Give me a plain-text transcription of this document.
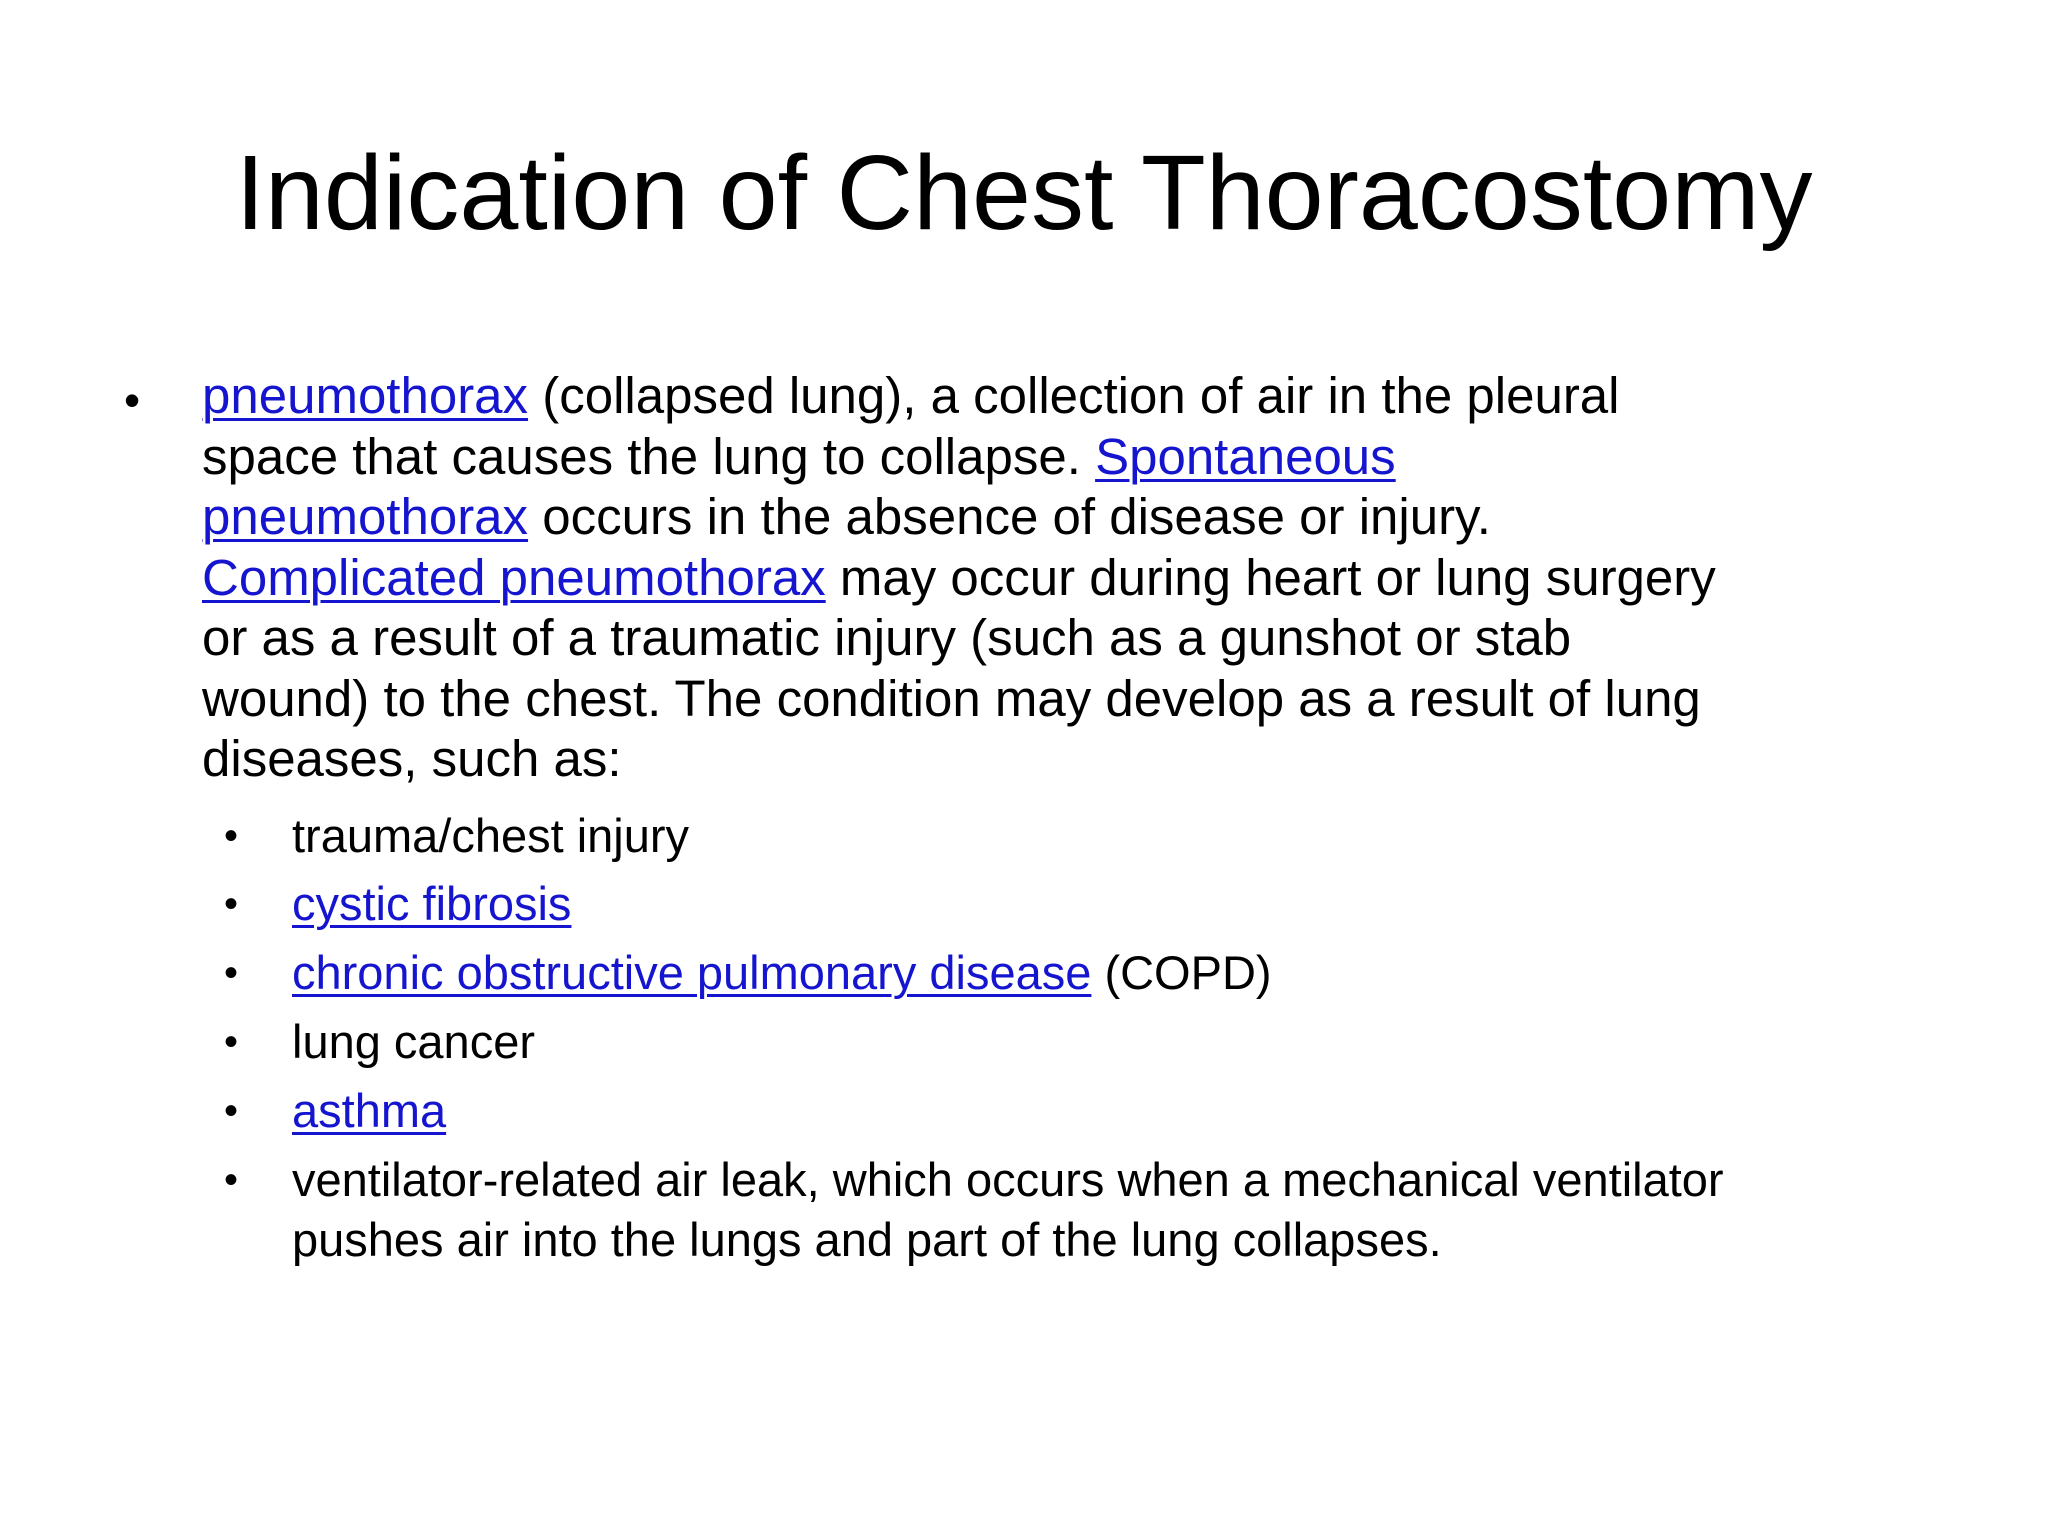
Indication of Chest Thoracostomy
• pneumothorax (collapsed lung), a collection of air in the pleural
space that causes the lung to collapse. Spontaneous
pneumothorax occurs in the absence of disease or injury.
Complicated pneumothorax may occur during heart or lung surgery
or as a result of a traumatic injury (such as a gunshot or stab
wound) to the chest. The condition may develop as a result of lung
diseases, such as:
• trauma/chest injury
• cystic fibrosis
• chronic obstructive pulmonary disease (COPD)
• lung cancer
• asthma
• ventilator-related air leak, which occurs when a mechanical ventilator
pushes air into the lungs and part of the lung collapses.
